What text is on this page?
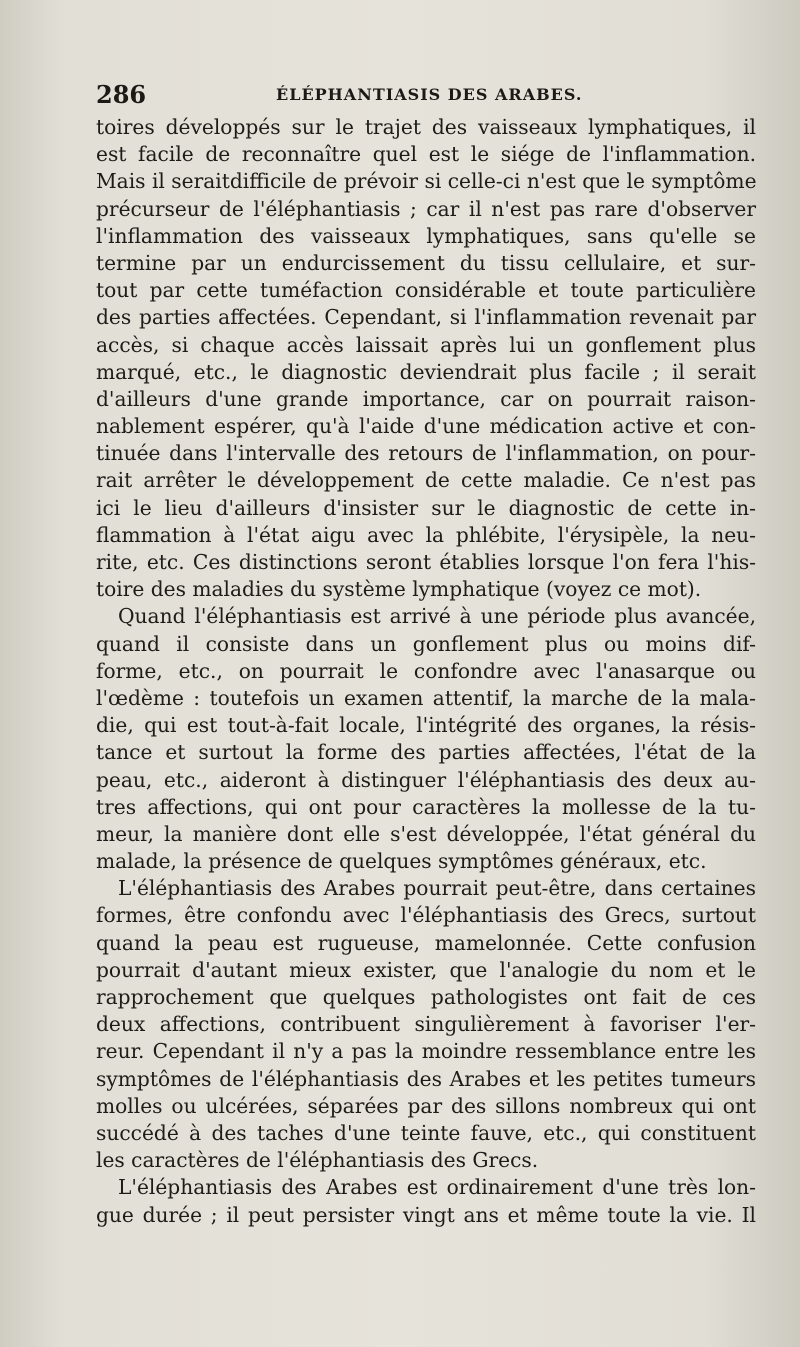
286	ÉLÉPHANTIASIS DES ARABES.
toires développés sur le trajet des vaisseaux lymphatiques, il
est facile de reconnaître quel est le siége de l'inflammation.
Mais il seraitdifficile de prévoir si celle-ci n'est que le symptôme
précurseur de l'éléphantiasis ; car il n'est pas rare d'observer
l'inflammation des vaisseaux lymphatiques, sans qu'elle se
termine par un endurcissement du tissu cellulaire, et sur-
tout par cette tuméfaction considérable et toute particulière
des parties affectées. Cependant, si l'inflammation revenait par
accès, si chaque accès laissait après lui un gonflement plus
marqué, etc., le diagnostic deviendrait plus facile ; il serait
d'ailleurs d'une grande importance, car on pourrait raison-
nablement espérer, qu'à l'aide d'une médication active et con-
tinuée dans l'intervalle des retours de l'inflammation, on pour-
rait arrêter le développement de cette maladie. Ce n'est pas
ici le lieu d'ailleurs d'insister sur le diagnostic de cette in-
flammation à l'état aigu avec la phlébite, l'érysipèle, la neu-
rite, etc. Ces distinctions seront établies lorsque l'on fera l'his-
toire des maladies du système lymphatique (voyez ce mot).
Quand l'éléphantiasis est arrivé à une période plus avancée,
quand il consiste dans un gonflement plus ou moins dif-
forme, etc., on pourrait le confondre avec l'anasarque ou
l'œdème : toutefois un examen attentif, la marche de la mala-
die, qui est tout-à-fait locale, l'intégrité des organes, la résis-
tance et surtout la forme des parties affectées, l'état de la
peau, etc., aideront à distinguer l'éléphantiasis des deux au-
tres affections, qui ont pour caractères la mollesse de la tu-
meur, la manière dont elle s'est développée, l'état général du
malade, la présence de quelques symptômes généraux, etc.
L'éléphantiasis des Arabes pourrait peut-être, dans certaines
formes, être confondu avec l'éléphantiasis des Grecs, surtout
quand la peau est rugueuse, mamelonnée. Cette confusion
pourrait d'autant mieux exister, que l'analogie du nom et le
rapprochement que quelques pathologistes ont fait de ces
deux affections, contribuent singulièrement à favoriser l'er-
reur. Cependant il n'y a pas la moindre ressemblance entre les
symptômes de l'éléphantiasis des Arabes et les petites tumeurs
molles ou ulcérées, séparées par des sillons nombreux qui ont
succédé à des taches d'une teinte fauve, etc., qui constituent
les caractères de l'éléphantiasis des Grecs.
L'éléphantiasis des Arabes est ordinairement d'une très lon-
gue durée ; il peut persister vingt ans et même toute la vie. Il
